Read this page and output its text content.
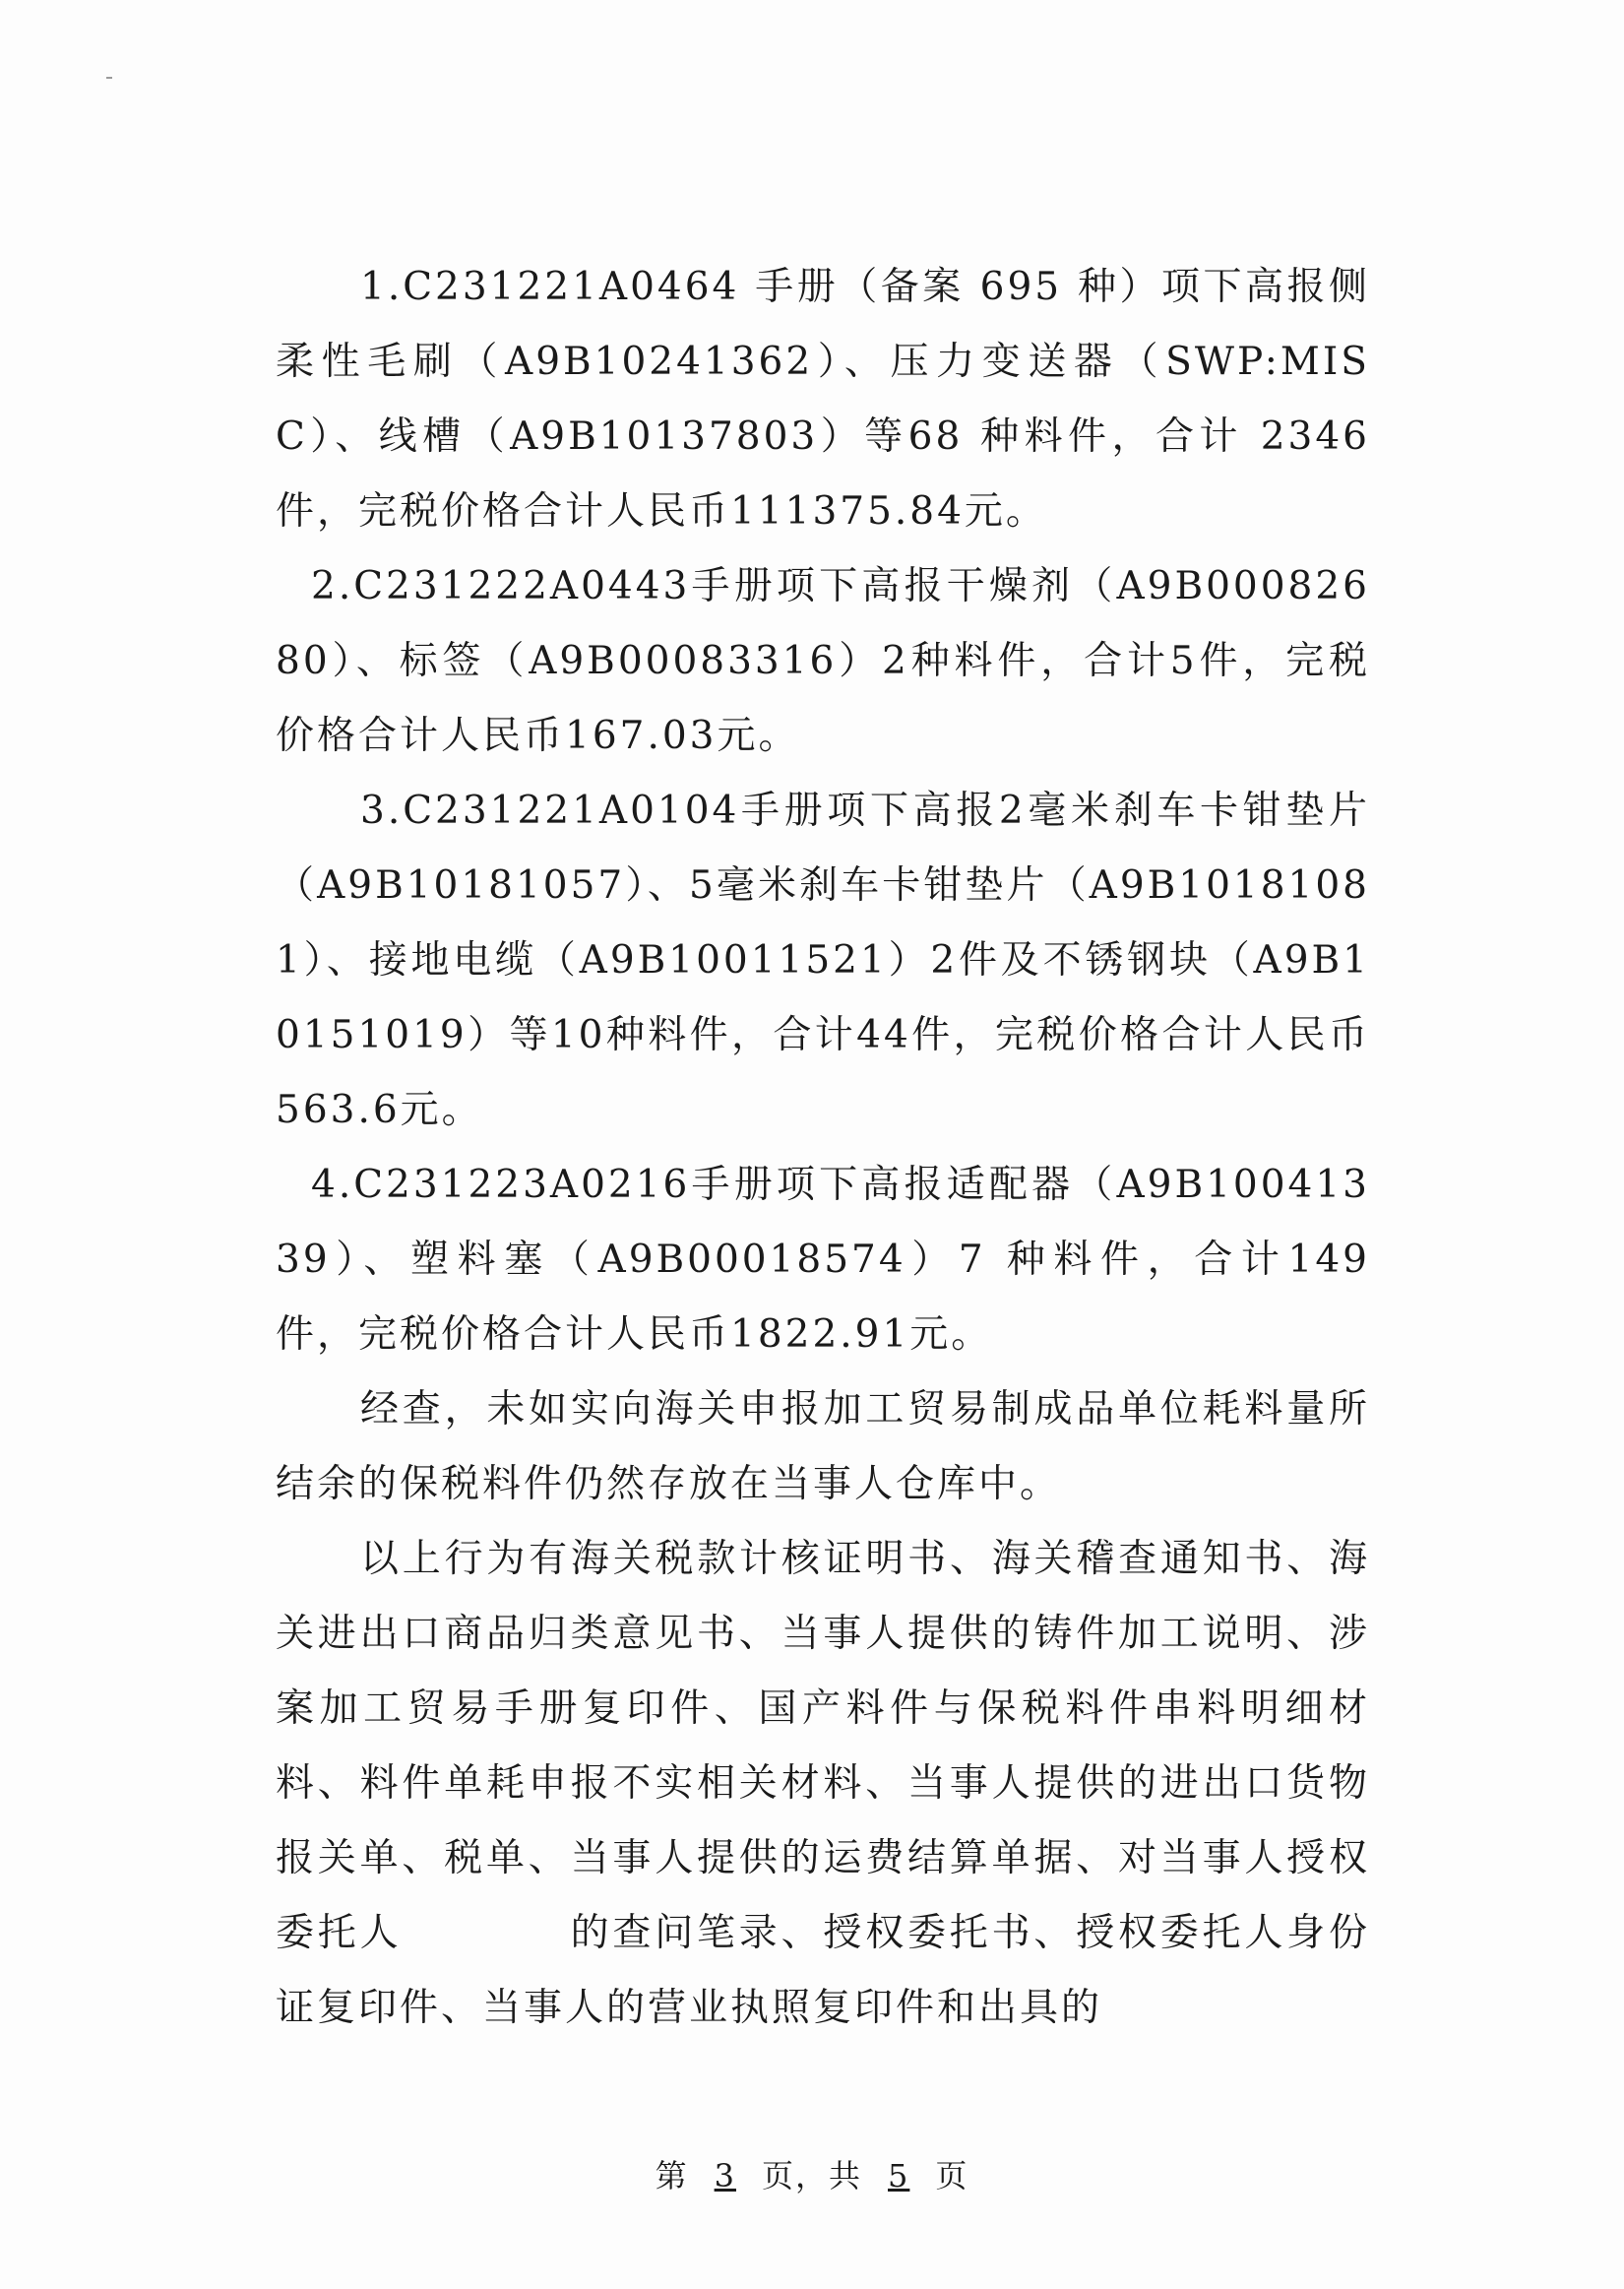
1.C231221A0464 手册（备案 695 种）项下高报侧柔性毛刷（A9B10241362）、压力变送器（SWP:MISC）、线槽（A9B10137803）等68 种料件，合计 2346 件，完税价格合计人民币111375.84元。

2.C231222A0443手册项下高报干燥剂（A9B00082680）、标签（A9B00083316）2种料件，合计5件，完税价格合计人民币167.03元。

3.C231221A0104手册项下高报2毫米刹车卡钳垫片（A9B10181057）、5毫米刹车卡钳垫片（A9B10181081）、接地电缆（A9B10011521）2件及不锈钢块（A9B10151019）等10种料件，合计44件，完税价格合计人民币563.6元。

4.C231223A0216手册项下高报适配器（A9B10041339）、塑料塞（A9B00018574）7 种料件，合计149 件，完税价格合计人民币1822.91元。

经查，未如实向海关申报加工贸易制成品单位耗料量所结余的保税料件仍然存放在当事人仓库中。

以上行为有海关税款计核证明书、海关稽查通知书、海关进出口商品归类意见书、当事人提供的铸件加工说明、涉案加工贸易手册复印件、国产料件与保税料件串料明细材料、料件单耗申报不实相关材料、当事人提供的进出口货物报关单、税单、当事人提供的运费结算单据、对当事人授权委托人　　　　的查问笔录、授权委托书、授权委托人身份证复印件、当事人的营业执照复印件和出具的

第 3 页，共 5 页
